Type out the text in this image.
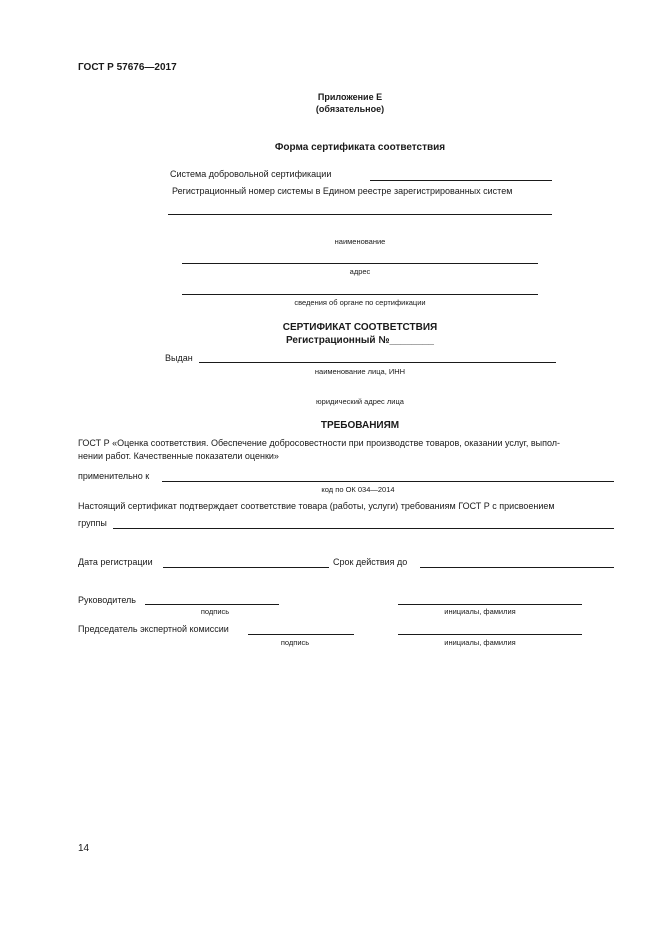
ГОСТ Р 57676—2017
Приложение Е
(обязательное)
Форма сертификата соответствия
Система добровольной сертификации
Регистрационный номер системы в Едином реестре зарегистрированных систем
наименование
адрес
сведения об органе по сертификации
СЕРТИФИКАТ СООТВЕТСТВИЯ
Регистрационный №________
Выдан
наименование лица, ИНН
юридический адрес лица
ТРЕБОВАНИЯМ
ГОСТ Р «Оценка соответствия. Обеспечение добросовестности при производстве товаров, оказании услуг, выпол-
нении работ. Качественные показатели оценки»
применительно к
код по ОК 034—2014
Настоящий сертификат подтверждает соответствие товара (работы, услуги) требованиям ГОСТ Р с присвоением
группы
Дата регистрации	Срок действия до
Руководитель
подпись	инициалы, фамилия
Председатель экспертной комиссии
подпись	инициалы, фамилия
14
